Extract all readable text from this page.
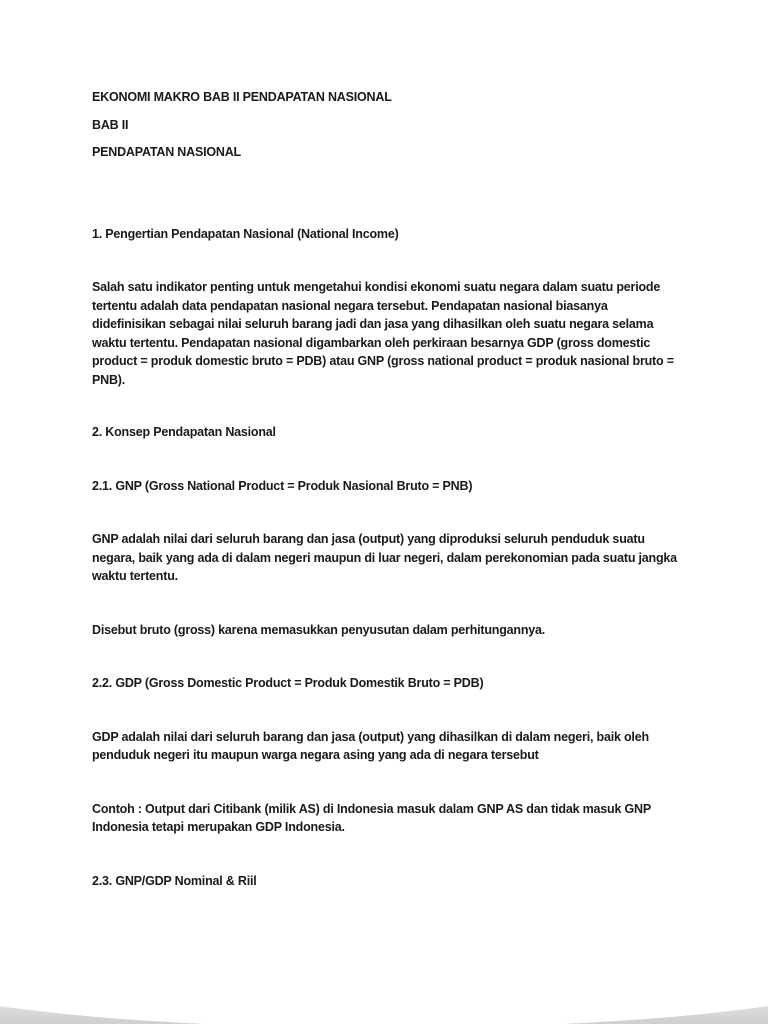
EKONOMI MAKRO BAB II PENDAPATAN NASIONAL
BAB II
PENDAPATAN NASIONAL
1. Pengertian Pendapatan Nasional (National Income)
Salah satu indikator penting untuk mengetahui kondisi ekonomi suatu negara dalam suatu periode tertentu adalah data pendapatan nasional negara tersebut. Pendapatan nasional biasanya didefinisikan sebagai nilai seluruh barang jadi dan jasa yang dihasilkan oleh suatu negara selama waktu tertentu. Pendapatan nasional digambarkan oleh perkiraan besarnya GDP (gross domestic product = produk domestic bruto = PDB) atau GNP (gross national product = produk nasional bruto = PNB).
2. Konsep Pendapatan Nasional
2.1. GNP (Gross National Product = Produk Nasional Bruto = PNB)
GNP adalah nilai dari seluruh barang dan jasa (output) yang diproduksi seluruh penduduk suatu negara, baik yang ada di dalam negeri maupun di luar negeri, dalam perekonomian pada suatu jangka waktu tertentu.
Disebut bruto (gross) karena memasukkan penyusutan dalam perhitungannya.
2.2. GDP (Gross Domestic Product = Produk Domestik Bruto = PDB)
GDP adalah nilai dari seluruh barang dan jasa (output) yang dihasilkan di dalam negeri, baik oleh penduduk negeri itu maupun warga negara asing yang ada di negara tersebut
Contoh : Output dari Citibank (milik AS) di Indonesia masuk dalam GNP AS dan tidak masuk GNP Indonesia tetapi merupakan GDP Indonesia.
2.3. GNP/GDP Nominal & Riil
